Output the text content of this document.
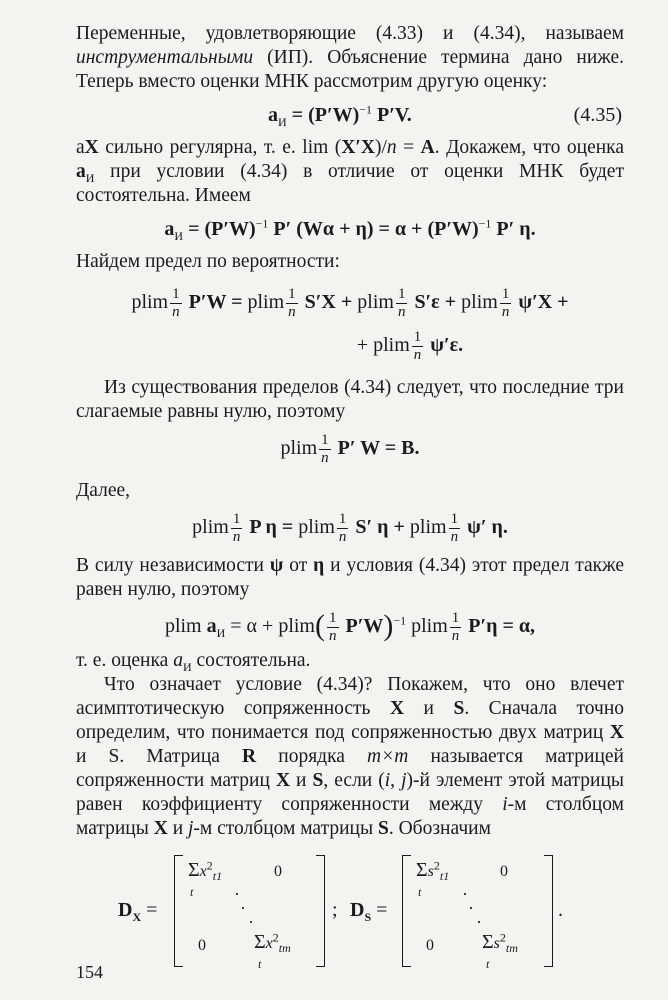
Переменные, удовлетворяющие (4.33) и (4.34), называем инструментальными (ИП). Объяснение термина дано ниже. Теперь вместо оценки МНК рассмотрим другую оценку:

$a_И = (P'W)^{-1}$ P′V.	(4.35)

aX сильно регулярна, т. е. lim (X′X)/n = A. Докажем, что оценка $a_И$ при условии (4.34) в отличие от оценки МНК будет состоятельна. Имеем

$a_И = (P'W)^{-1}$ P′ $(W\alpha + \eta) = \alpha + (P'W)^{-1}$ P′ η.

Найдем предел по вероятности:

plim $\frac{1}{n} P'W = plim \frac{1}{n} S'X + plim \frac{1}{n} S'\varepsilon + plim \frac{1}{n} \psi'X$ +
+ plim $\frac{1}{n} \psi'\varepsilon$.

Из существования пределов (4.34) следует, что последние три слагаемые равны нулю, поэтому

plim $\frac{1}{n} P'$ W = B.

Далее,

plim $\frac{1}{n}$ P η = plim $\frac{1}{n} S'$ η + plim $\frac{1}{n} \psi'$ η.

В силу независимости ψ от η и условия (4.34) этот предел также равен нулю, поэтому

plim $a_И = \alpha + plim( \frac{1}{n} P'W)^{-1}$ plim $\frac{1}{n} P'\eta = \alpha$,

т. е. оценка $a_И$ состоятельна.

Что означает условие (4.34)? Покажем, что оно влечет асимптотическую сопряженность X и S. Сначала точно определим, что понимается под сопряженностью двух матриц X и S. Матрица R порядка m×m называется матрицей сопряженности матриц X и S, если (i, j)-й элемент этой матрицы равен коэффициенту сопряженности между i-м столбцом матрицы X и j-м столбцом матрицы S. Обозначим

$D_X$ =
$\Sigma x^2_{t1}$
t
0
·
·
·
0 $\Sigma x^2_{tm}$
t
; $D_S$ =
$\Sigma s^2_{t1}$
t
0
·
·
·
0 $\Sigma s^2_{tm}$
t
.
154
